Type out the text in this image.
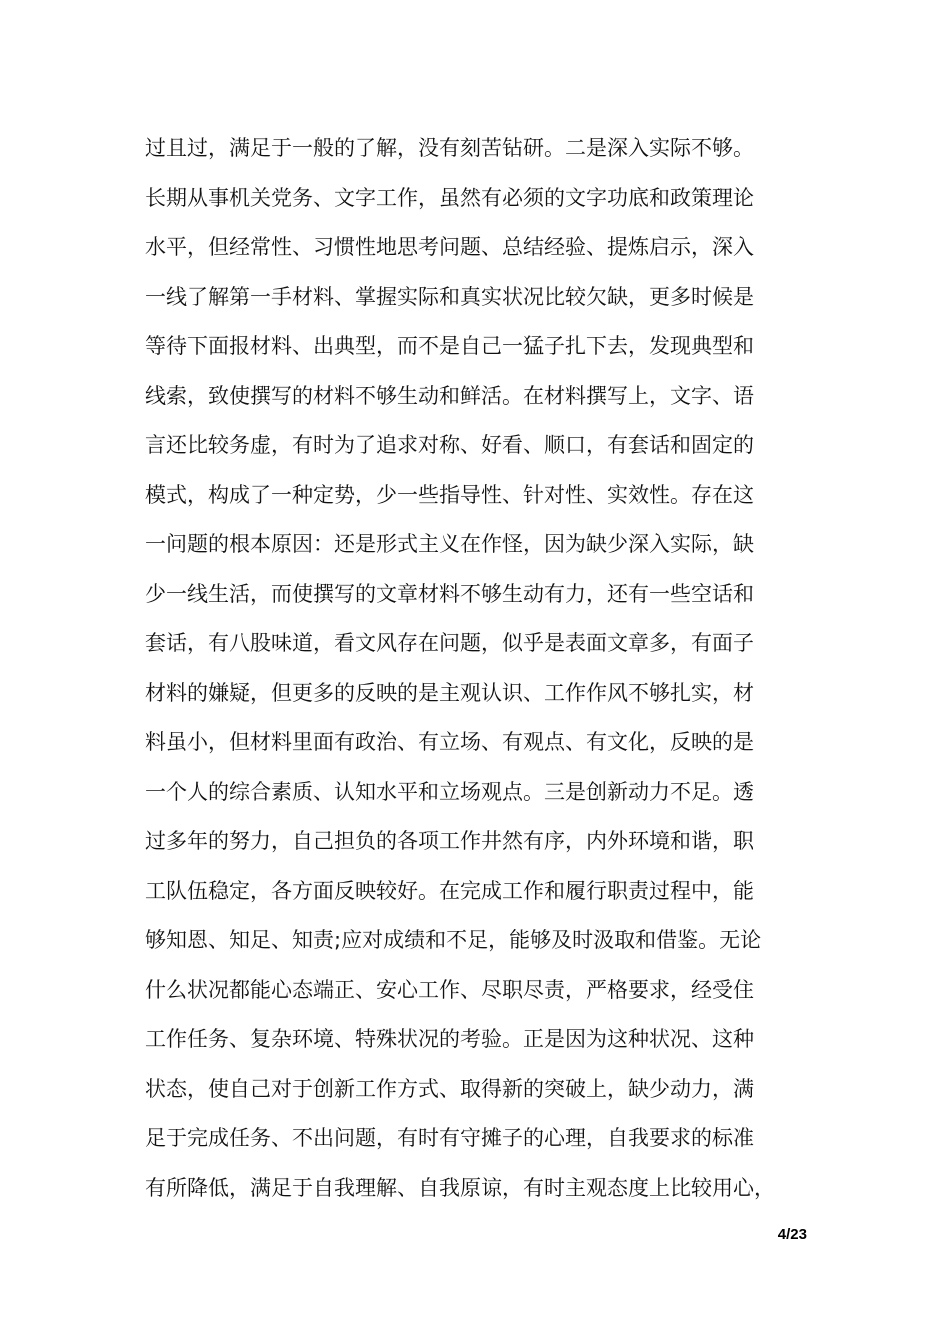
过且过，满足于一般的了解，没有刻苦钻研。二是深入实际不够。
长期从事机关党务、文字工作，虽然有必须的文字功底和政策理论
水平，但经常性、习惯性地思考问题、总结经验、提炼启示，深入
一线了解第一手材料、掌握实际和真实状况比较欠缺，更多时候是
等待下面报材料、出典型，而不是自己一猛子扎下去，发现典型和
线索，致使撰写的材料不够生动和鲜活。在材料撰写上，文字、语
言还比较务虚，有时为了追求对称、好看、顺口，有套话和固定的
模式，构成了一种定势，少一些指导性、针对性、实效性。存在这
一问题的根本原因：还是形式主义在作怪，因为缺少深入实际，缺
少一线生活，而使撰写的文章材料不够生动有力，还有一些空话和
套话，有八股味道，看文风存在问题，似乎是表面文章多，有面子
材料的嫌疑，但更多的反映的是主观认识、工作作风不够扎实，材
料虽小，但材料里面有政治、有立场、有观点、有文化，反映的是
一个人的综合素质、认知水平和立场观点。三是创新动力不足。透
过多年的努力，自己担负的各项工作井然有序，内外环境和谐，职
工队伍稳定，各方面反映较好。在完成工作和履行职责过程中，能
够知恩、知足、知责;应对成绩和不足，能够及时汲取和借鉴。无论
什么状况都能心态端正、安心工作、尽职尽责，严格要求，经受住
工作任务、复杂环境、特殊状况的考验。正是因为这种状况、这种
状态，使自己对于创新工作方式、取得新的突破上，缺少动力，满
足于完成任务、不出问题，有时有守摊子的心理，自我要求的标准
有所降低，满足于自我理解、自我原谅，有时主观态度上比较用心，
4/23
